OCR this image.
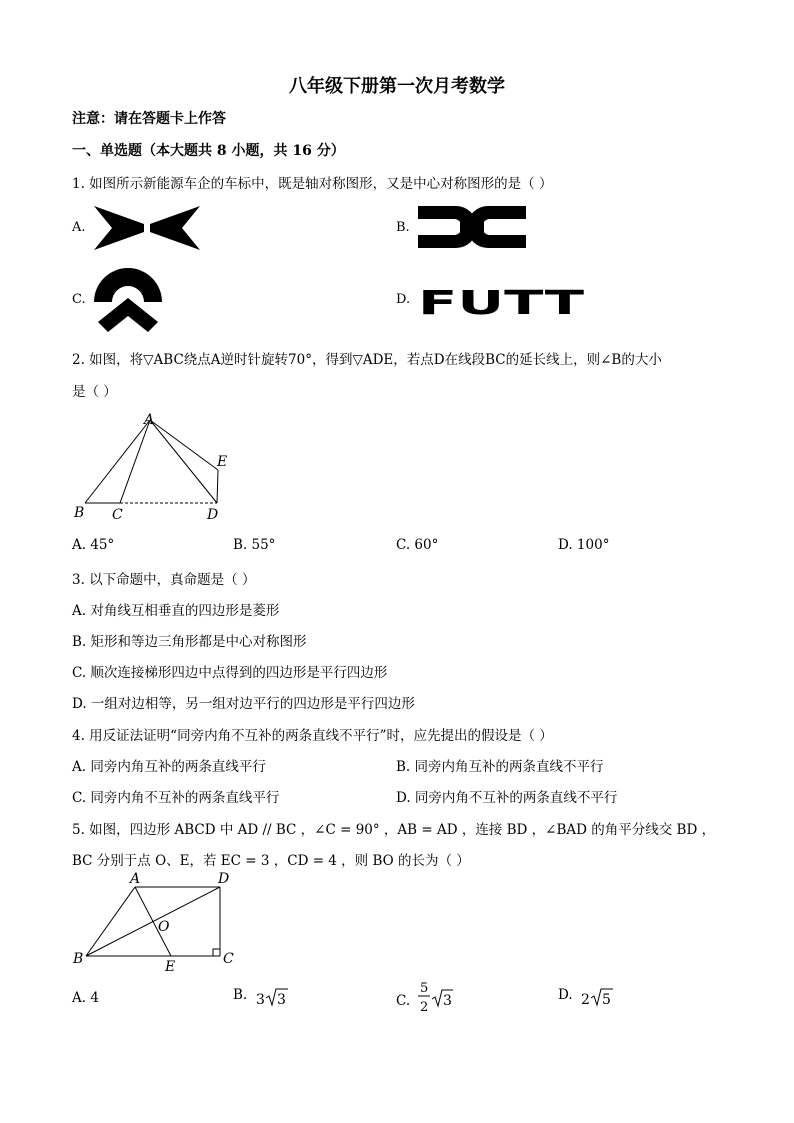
八年级下册第一次月考数学
注意：请在答题卡上作答
一、单选题（本大题共 8 小题，共 16 分）
1. 如图所示新能源车企的车标中，既是轴对称图形，又是中心对称图形的是（ ）
A.	B.
C.	D. FUTT
2. 如图，将▽ABC绕点A逆时针旋转70°，得到▽ADE，若点D在线段BC的延长线上，则∠B的大小
是（ ）
A
B C	D
E
A. 45°	B. 55°	C. 60°	D. 100°
3. 以下命题中，真命题是（ ）
A. 对角线互相垂直的四边形是菱形
B. 矩形和等边三角形都是中心对称图形
C. 顺次连接梯形四边中点得到的四边形是平行四边形
D. 一组对边相等，另一组对边平行的四边形是平行四边形
4. 用反证法证明“同旁内角不互补的两条直线不平行”时，应先提出的假设是（ ）
A. 同旁内角互补的两条直线平行	B. 同旁内角互补的两条直线不平行
C. 同旁内角不互补的两条直线平行	D. 同旁内角不互补的两条直线不平行
5. 如图，四边形 ABCD 中 AD // BC ，∠C = 90° ，AB = AD ，连接 BD ，∠BAD 的角平分线交 BD ，
BC 分别于点 O、E，若 EC = 3 ，CD = 4 ，则 BO 的长为（ ）
A	D
B	C
O
E
A. 4	B. 3 3	$_{C.}$
5
2 3	D. 2 5
